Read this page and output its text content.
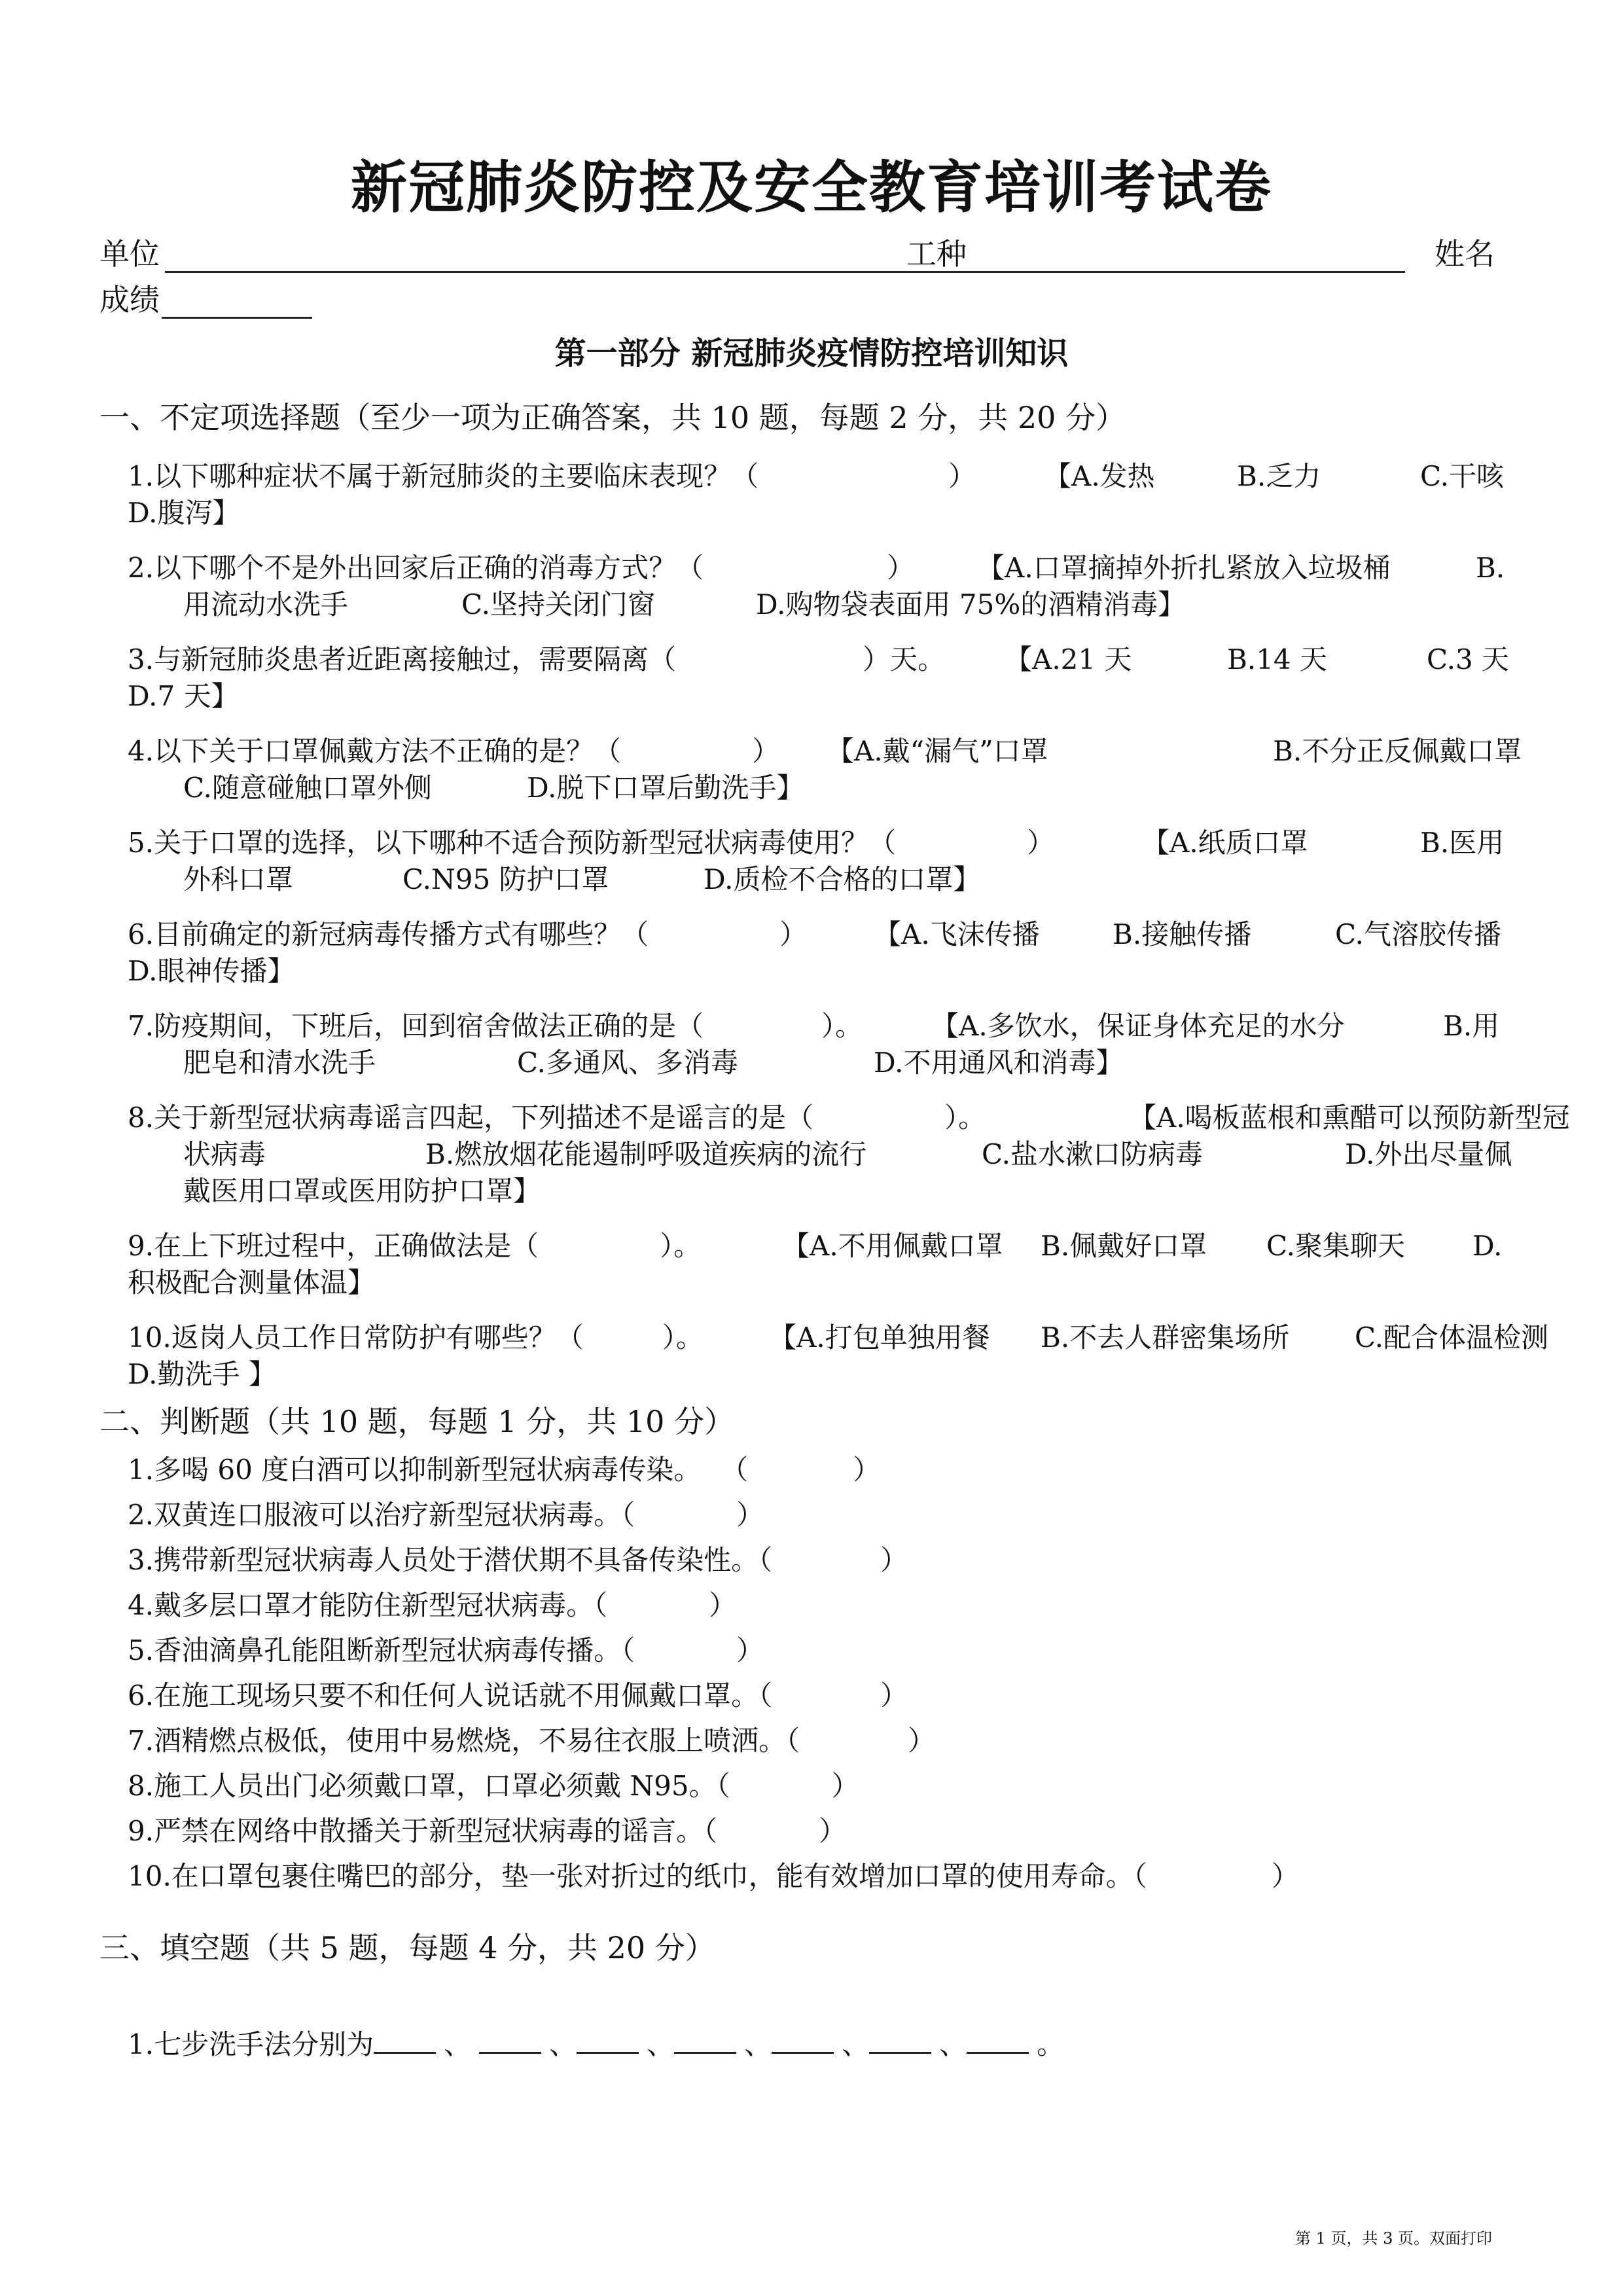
新冠肺炎防控及安全教育培训考试卷
单位	工种	姓名
成绩
第一部分 新冠肺炎疫情防控培训知识
一、不定项选择题（至少一项为正确答案，共 10 题，每题 2 分，共 20 分）
1.以下哪种症状不属于新冠肺炎的主要临床表现？（	） 【A.发热	B.乏力	C.干咳
D.腹泻】
2.以下哪个不是外出回家后正确的消毒方式？（	） 【A.口罩摘掉外折扎紧放入垃圾桶	B.
用流动水洗手	C.坚持关闭门窗	D.购物袋表面用 75%的酒精消毒】
3.与新冠肺炎患者近距离接触过，需要隔离（	）天。 【A.21 天	B.14 天	C.3 天
D.7 天】
4.以下关于口罩佩戴方法不正确的是？（	） 【A.戴“漏气”口罩	B.不分正反佩戴口罩
C.随意碰触口罩外侧	D.脱下口罩后勤洗手】
5.关于口罩的选择，以下哪种不适合预防新型冠状病毒使用？（	）	【A.纸质口罩	B.医用
外科口罩	C.N95 防护口罩	D.质检不合格的口罩】
6.目前确定的新冠病毒传播方式有哪些？（	） 【A.飞沫传播	B.接触传播	C.气溶胶传播
D.眼神传播】
7.防疫期间，下班后，回到宿舍做法正确的是（	）。 【A.多饮水，保证身体充足的水分	B.用
肥皂和清水洗手	C.多通风、多消毒	D.不用通风和消毒】
8.关于新型冠状病毒谣言四起，下列描述不是谣言的是（	）。	【A.喝板蓝根和熏醋可以预防新型冠
状病毒	B.燃放烟花能遏制呼吸道疾病的流行	C.盐水漱口防病毒	D.外出尽量佩
戴医用口罩或医用防护口罩】
9.在上下班过程中，正确做法是（	）。	【A.不用佩戴口罩 B.佩戴好口罩 C.聚集聊天 D.
积极配合测量体温】
10.返岗人员工作日常防护有哪些？（	）。 【A.打包单独用餐 B.不去人群密集场所 C.配合体温检测
D.勤洗手 】
二、判断题（共 10 题，每题 1 分，共 10 分）
1.多喝 60 度白酒可以抑制新型冠状病毒传染。 （	）
2.双黄连口服液可以治疗新型冠状病毒。（	）
3.携带新型冠状病毒人员处于潜伏期不具备传染性。（	）
4.戴多层口罩才能防住新型冠状病毒。（	）
5.香油滴鼻孔能阻断新型冠状病毒传播。（	）
6.在施工现场只要不和任何人说话就不用佩戴口罩。（	）
7.酒精燃点极低，使用中易燃烧，不易往衣服上喷洒。（	）
8.施工人员出门必须戴口罩，口罩必须戴 N95。（	）
9.严禁在网络中散播关于新型冠状病毒的谣言。（	）
10.在口罩包裹住嘴巴的部分，垫一张对折过的纸巾，能有效增加口罩的使用寿命。（	）
三、填空题（共 5 题，每题 4 分，共 20 分）
1.七步洗手法分别为	、	、	、	、	、	、	。
第 1 页，共 3 页。双面打印
